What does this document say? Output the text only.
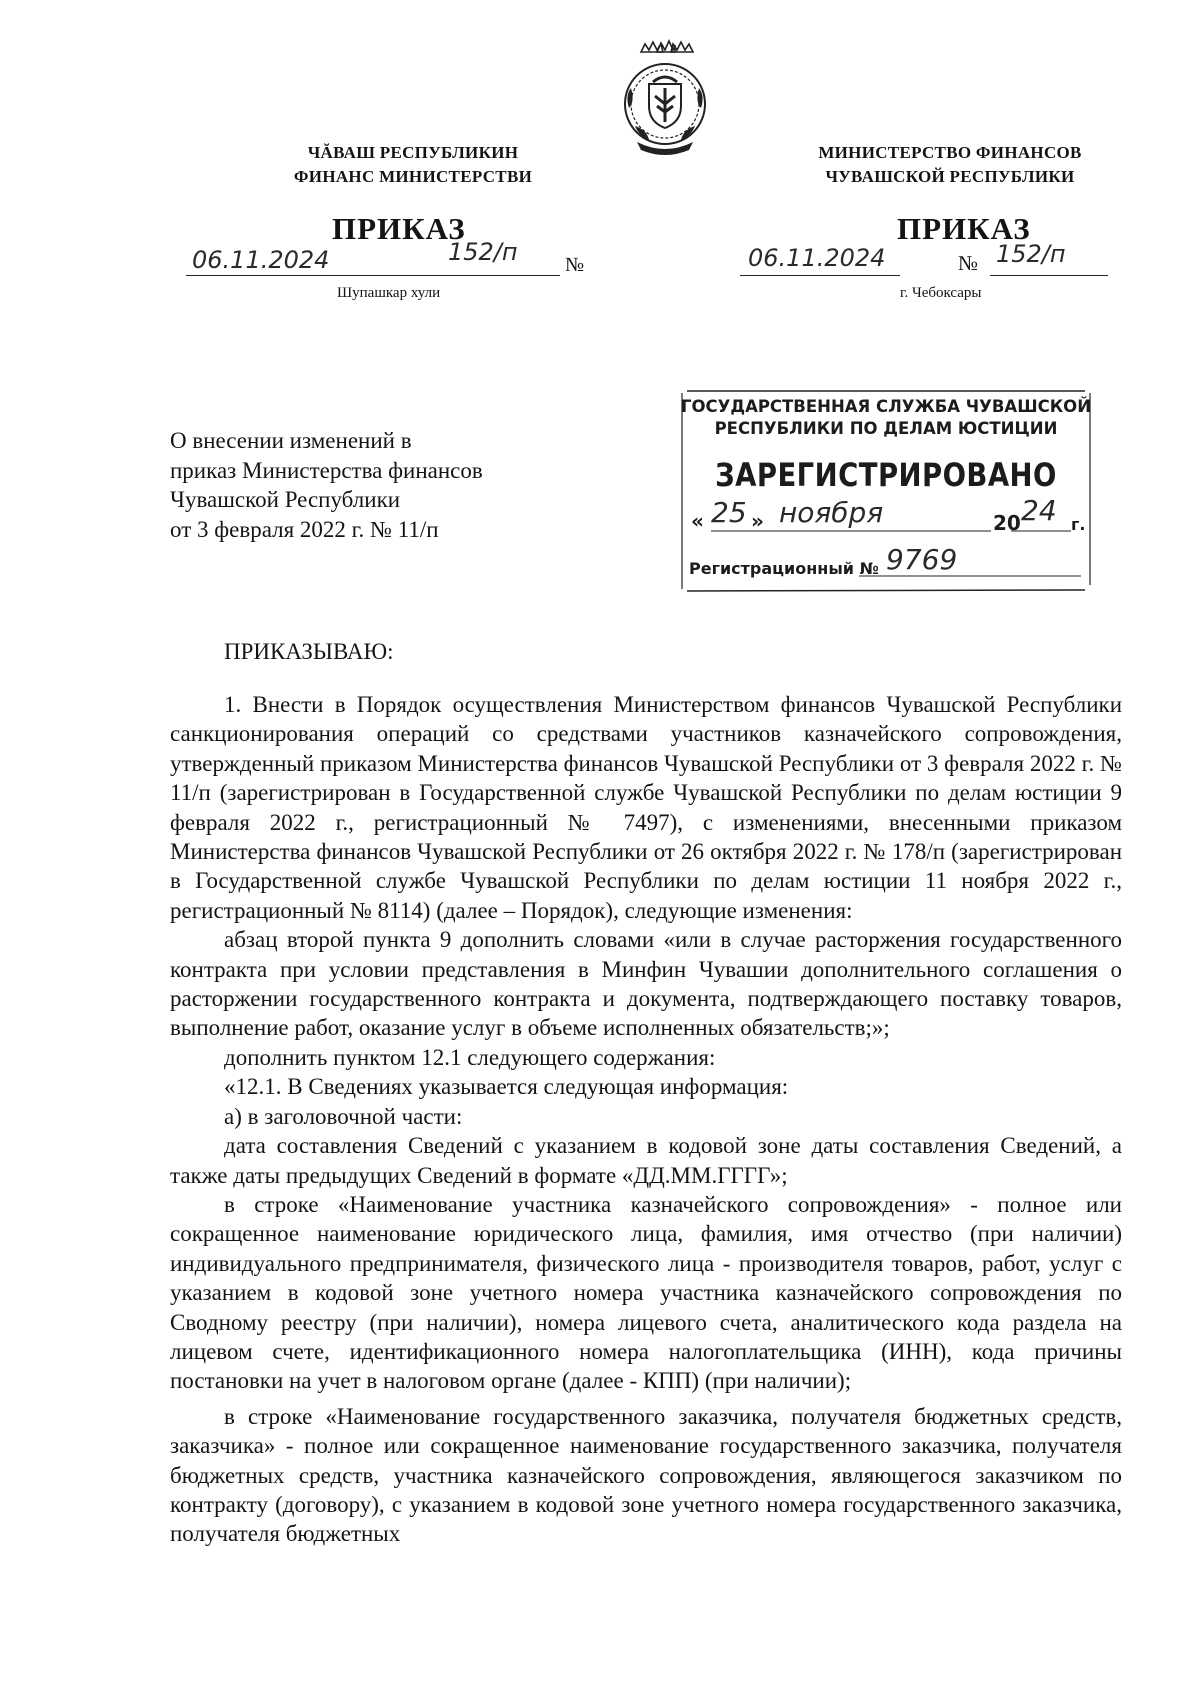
ЧĂВАШ РЕСПУБЛИКИН
ФИНАНС МИНИСТЕРСТВИ
МИНИСТЕРСТВО ФИНАНСОВ
ЧУВАШСКОЙ РЕСПУБЛИКИ
ПРИКАЗ	ПРИКАЗ
06.11.2024	152/п №
Шупашкар хули
06.11.2024	№ 152/п
г. Чебоксары
ГОСУДАРСТВЕННАЯ СЛУЖБА ЧУВАШСКОЙ
РЕСПУБЛИКИ ПО ДЕЛАМ ЮСТИЦИИ
ЗАРЕГИСТРИРОВАНО
« 25 » ноября	20 24 г.
Регистрационный № 9769
О внесении изменений в
приказ Министерства финансов
Чувашской Республики
от 3 февраля 2022 г. № 11/п
ПРИКАЗЫВАЮ:

1. Внести в Порядок осуществления Министерством финансов Чувашской Республики санкционирования операций со средствами участников казначейского сопровождения, утвержденный приказом Министерства финансов Чувашской Республики от 3 февраля 2022 г. № 11/п (зарегистрирован в Государственной службе Чувашской Республики по делам юстиции 9 февраля 2022 г., регистрационный № 7497), с изменениями, внесенными приказом Министерства финансов Чувашской Республики от 26 октября 2022 г. № 178/п (зарегистрирован в Государственной службе Чувашской Республики по делам юстиции 11 ноября 2022 г., регистрационный № 8114) (далее – Порядок), следующие изменения:

абзац второй пункта 9 дополнить словами «или в случае расторжения государственного контракта при условии представления в Минфин Чувашии дополнительного соглашения о расторжении государственного контракта и документа, подтверждающего поставку товаров, выполнение работ, оказание услуг в объеме исполненных обязательств;»;

дополнить пунктом 12.1 следующего содержания:

«12.1. В Сведениях указывается следующая информация:

а) в заголовочной части:

дата составления Сведений с указанием в кодовой зоне даты составления Сведений, а также даты предыдущих Сведений в формате «ДД.ММ.ГГГГ»;

в строке «Наименование участника казначейского сопровождения» - полное или сокращенное наименование юридического лица, фамилия, имя отчество (при наличии) индивидуального предпринимателя, физического лица - производителя товаров, работ, услуг с указанием в кодовой зоне учетного номера участника казначейского сопровождения по Сводному реестру (при наличии), номера лицевого счета, аналитического кода раздела на лицевом счете, идентификационного номера налогоплательщика (ИНН), кода причины постановки на учет в налоговом органе (далее - КПП) (при наличии);

в строке «Наименование государственного заказчика, получателя бюджетных средств, заказчика» - полное или сокращенное наименование государственного заказчика, получателя бюджетных средств, участника казначейского сопровождения, являющегося заказчиком по контракту (договору), с указанием в кодовой зоне учетного номера государственного заказчика, получателя бюджетных
